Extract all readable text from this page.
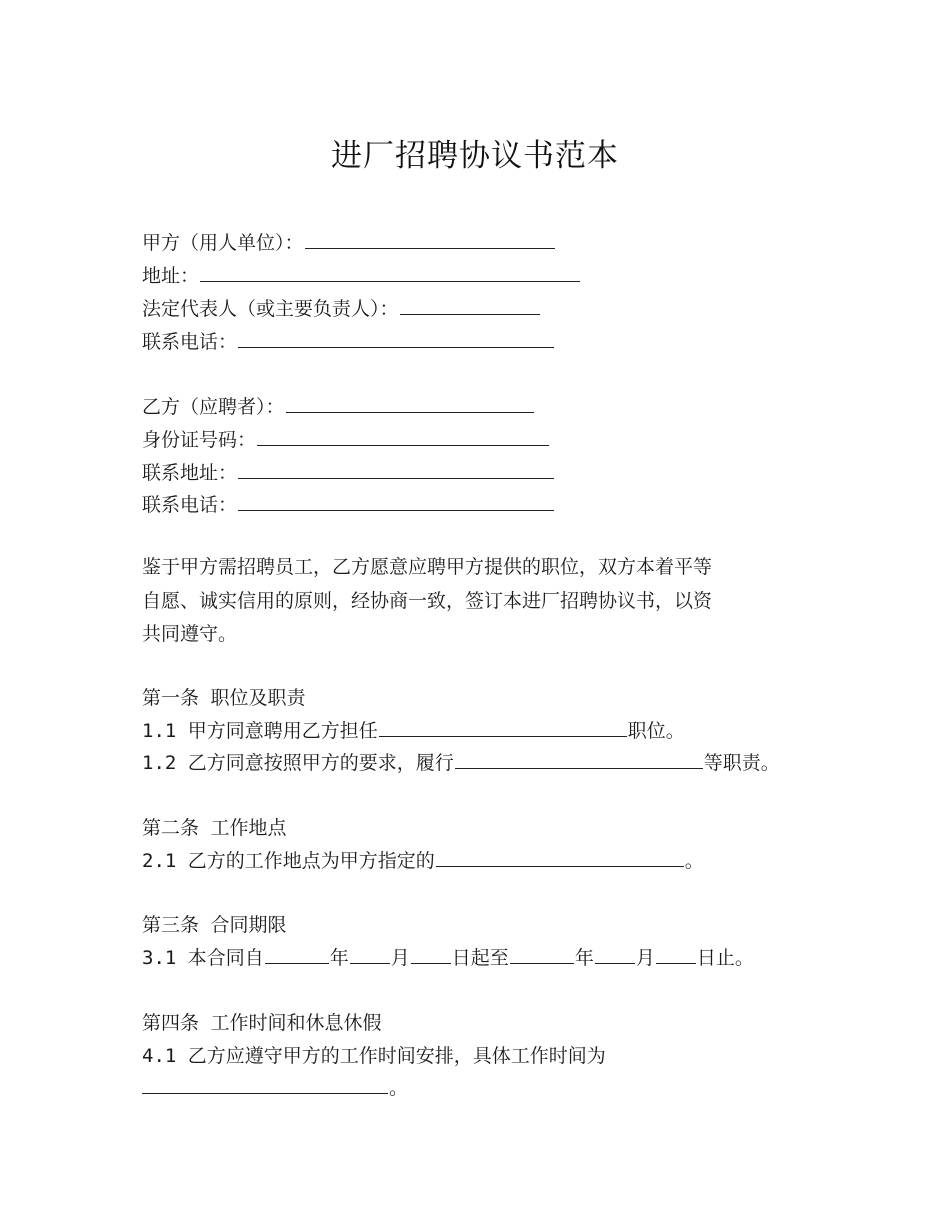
进厂招聘协议书范本
甲方（用人单位）：
地址：
法定代表人（或主要负责人）：
联系电话：
乙方（应聘者）：
身份证号码：
联系地址：
联系电话：
鉴于甲方需招聘员工，乙方愿意应聘甲方提供的职位，双方本着平等
自愿、诚实信用的原则，经协商一致，签订本进厂招聘协议书，以资
共同遵守。
第一条 职位及职责
1.1 甲方同意聘用乙方担任	职位。
1.2 乙方同意按照甲方的要求，履行	等职责。
第二条 工作地点
2.1 乙方的工作地点为甲方指定的	。
第三条 合同期限
3.1 本合同自	年 月 日起至	年 月 日止。
第四条 工作时间和休息休假
4.1 乙方应遵守甲方的工作时间安排，具体工作时间为
。
